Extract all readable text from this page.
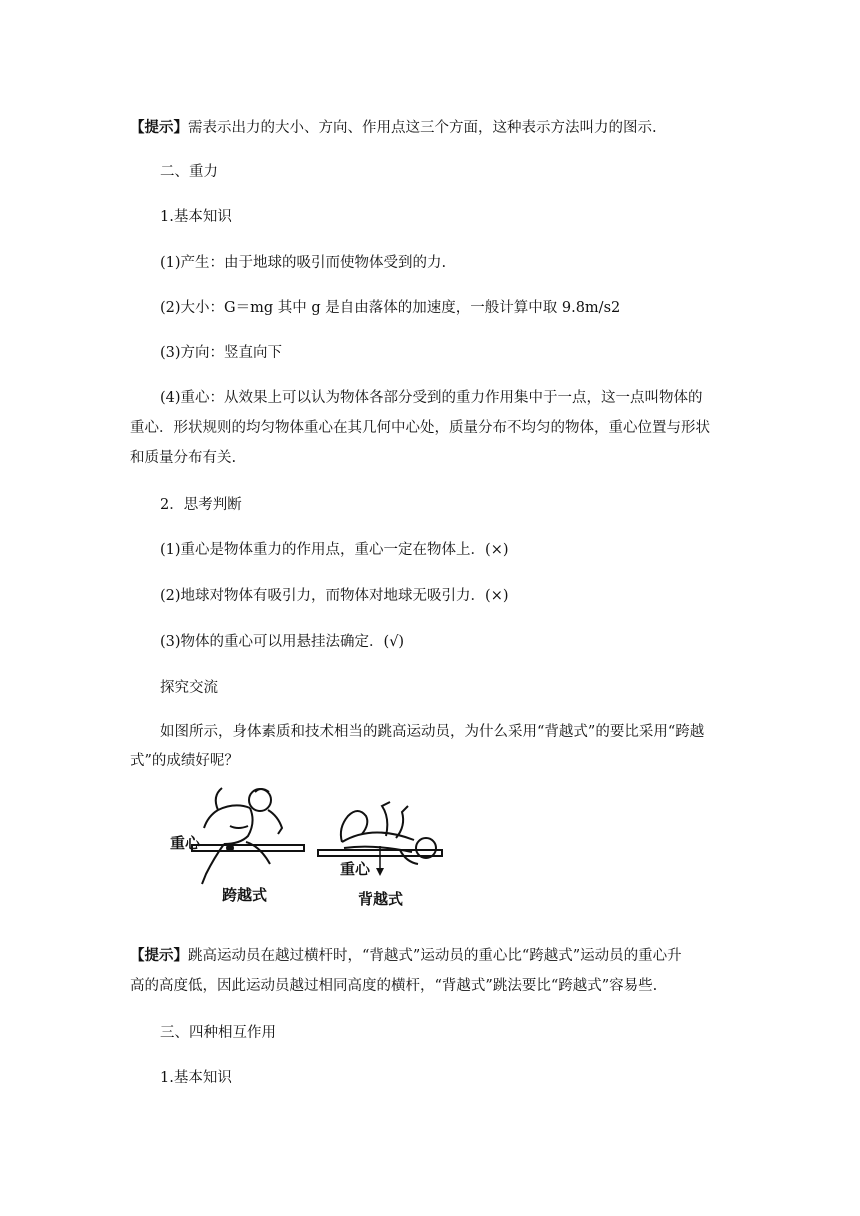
【提示】需表示出力的大小、方向、作用点这三个方面，这种表示方法叫力的图示.
二、重力
1.基本知识
(1)产生：由于地球的吸引而使物体受到的力.
(2)大小：G＝mg 其中 g 是自由落体的加速度，一般计算中取 9.8m/s2
(3)方向：竖直向下
(4)重心：从效果上可以认为物体各部分受到的重力作用集中于一点，这一点叫物体的
重心．形状规则的均匀物体重心在其几何中心处，质量分布不均匀的物体，重心位置与形状
和质量分布有关.
2．思考判断
(1)重心是物体重力的作用点，重心一定在物体上．(×)
(2)地球对物体有吸引力，而物体对地球无吸引力．(×)
(3)物体的重心可以用悬挂法确定．(√)
探究交流
如图所示，身体素质和技术相当的跳高运动员，为什么采用“背越式”的要比采用“跨越
式”的成绩好呢？
重心
跨越式
重心
背越式
【提示】跳高运动员在越过横杆时，“背越式”运动员的重心比“跨越式”运动员的重心升
高的高度低，因此运动员越过相同高度的横杆，“背越式”跳法要比“跨越式”容易些.
三、四种相互作用
1.基本知识
